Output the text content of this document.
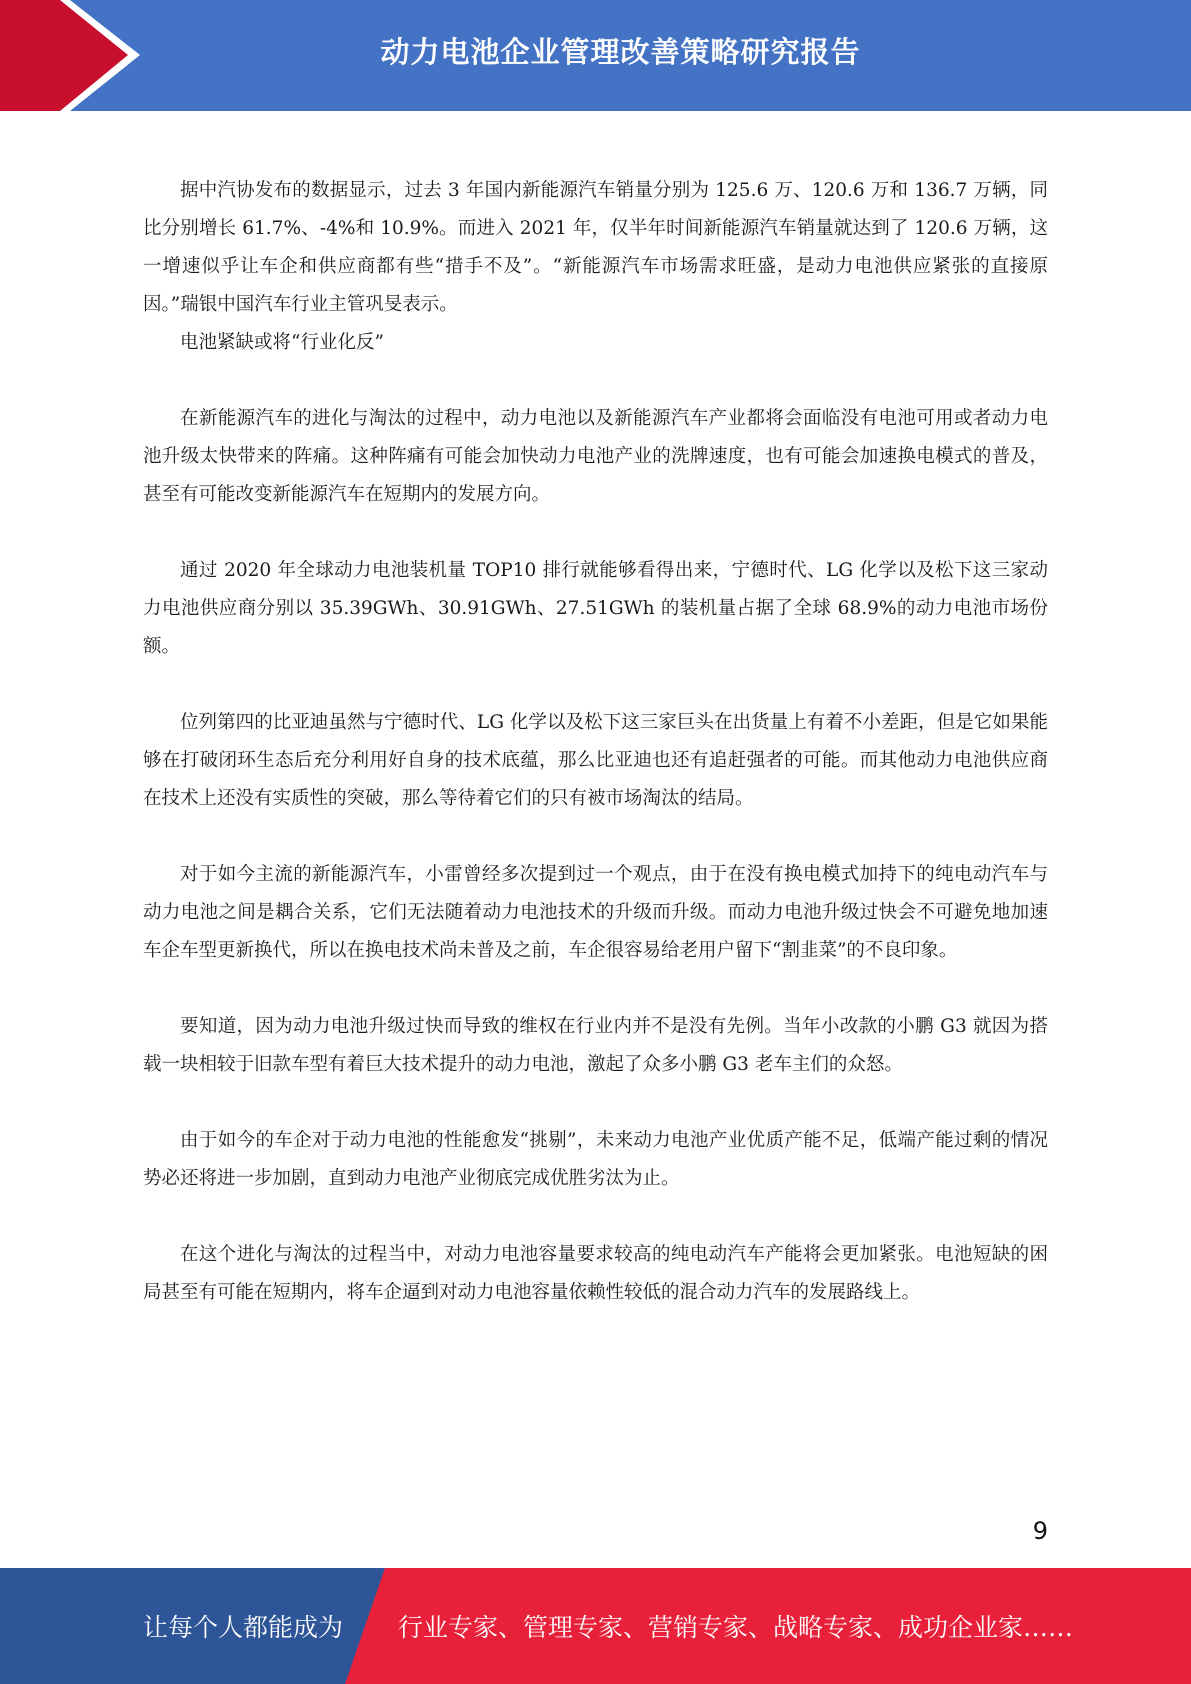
动力电池企业管理改善策略研究报告

据中汽协发布的数据显示，过去 3 年国内新能源汽车销量分别为 125.6 万、120.6 万和 136.7 万辆，同比分别增长 61.7%、-4%和 10.9%。而进入 2021 年，仅半年时间新能源汽车销量就达到了 120.6 万辆，这一增速似乎让车企和供应商都有些“措手不及”。“新能源汽车市场需求旺盛，是动力电池供应紧张的直接原因。”瑞银中国汽车行业主管巩旻表示。

电池紧缺或将“行业化反”

在新能源汽车的进化与淘汰的过程中，动力电池以及新能源汽车产业都将会面临没有电池可用或者动力电池升级太快带来的阵痛。这种阵痛有可能会加快动力电池产业的洗牌速度，也有可能会加速换电模式的普及，甚至有可能改变新能源汽车在短期内的发展方向。

通过 2020 年全球动力电池装机量 TOP10 排行就能够看得出来，宁德时代、LG 化学以及松下这三家动力电池供应商分别以 35.39GWh、30.91GWh、27.51GWh 的装机量占据了全球 68.9%的动力电池市场份额。

位列第四的比亚迪虽然与宁德时代、LG 化学以及松下这三家巨头在出货量上有着不小差距，但是它如果能够在打破闭环生态后充分利用好自身的技术底蕴，那么比亚迪也还有追赶强者的可能。而其他动力电池供应商在技术上还没有实质性的突破，那么等待着它们的只有被市场淘汰的结局。

对于如今主流的新能源汽车，小雷曾经多次提到过一个观点，由于在没有换电模式加持下的纯电动汽车与动力电池之间是耦合关系，它们无法随着动力电池技术的升级而升级。而动力电池升级过快会不可避免地加速车企车型更新换代，所以在换电技术尚未普及之前，车企很容易给老用户留下“割韭菜”的不良印象。

要知道，因为动力电池升级过快而导致的维权在行业内并不是没有先例。当年小改款的小鹏 G3 就因为搭载一块相较于旧款车型有着巨大技术提升的动力电池，激起了众多小鹏 G3 老车主们的众怒。

由于如今的车企对于动力电池的性能愈发“挑剔”，未来动力电池产业优质产能不足，低端产能过剩的情况势必还将进一步加剧，直到动力电池产业彻底完成优胜劣汰为止。

在这个进化与淘汰的过程当中，对动力电池容量要求较高的纯电动汽车产能将会更加紧张。电池短缺的困局甚至有可能在短期内，将车企逼到对动力电池容量依赖性较低的混合动力汽车的发展路线上。

9
让每个人都能成为 行业专家、管理专家、营销专家、战略专家、成功企业家……
